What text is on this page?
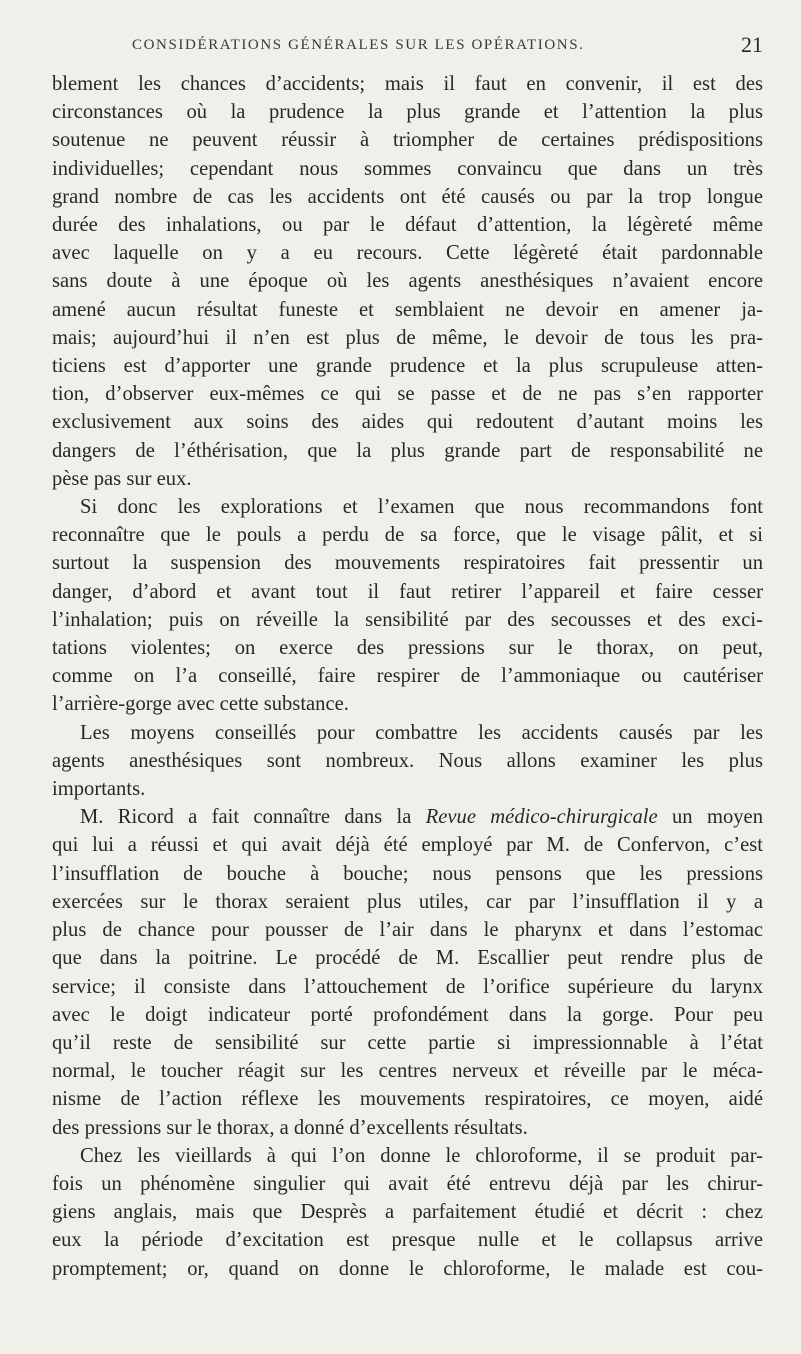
CONSIDÉRATIONS GÉNÉRALES SUR LES OPÉRATIONS.	21
blement les chances d’accidents; mais il faut en convenir, il est des
circonstances où la prudence la plus grande et l’attention la plus
soutenue ne peuvent réussir à triompher de certaines prédispositions
individuelles; cependant nous sommes convaincu que dans un très
grand nombre de cas les accidents ont été causés ou par la trop longue
durée des inhalations, ou par le défaut d’attention, la légèreté même
avec laquelle on y a eu recours. Cette légèreté était pardonnable
sans doute à une époque où les agents anesthésiques n’avaient encore
amené aucun résultat funeste et semblaient ne devoir en amener ja-
mais; aujourd’hui il n’en est plus de même, le devoir de tous les pra-
ticiens est d’apporter une grande prudence et la plus scrupuleuse atten-
tion, d’observer eux-mêmes ce qui se passe et de ne pas s’en rapporter
exclusivement aux soins des aides qui redoutent d’autant moins les
dangers de l’éthérisation, que la plus grande part de responsabilité ne
pèse pas sur eux.
Si donc les explorations et l’examen que nous recommandons font
reconnaître que le pouls a perdu de sa force, que le visage pâlit, et si
surtout la suspension des mouvements respiratoires fait pressentir un
danger, d’abord et avant tout il faut retirer l’appareil et faire cesser
l’inhalation; puis on réveille la sensibilité par des secousses et des exci-
tations violentes; on exerce des pressions sur le thorax, on peut,
comme on l’a conseillé, faire respirer de l’ammoniaque ou cautériser
l’arrière-gorge avec cette substance.
Les moyens conseillés pour combattre les accidents causés par les
agents anesthésiques sont nombreux. Nous allons examiner les plus
importants.
M. Ricord a fait connaître dans la Revue médico-chirurgicale un moyen
qui lui a réussi et qui avait déjà été employé par M. de Confervon, c’est
l’insufflation de bouche à bouche; nous pensons que les pressions
exercées sur le thorax seraient plus utiles, car par l’insufflation il y a
plus de chance pour pousser de l’air dans le pharynx et dans l’estomac
que dans la poitrine. Le procédé de M. Escallier peut rendre plus de
service; il consiste dans l’attouchement de l’orifice supérieure du larynx
avec le doigt indicateur porté profondément dans la gorge. Pour peu
qu’il reste de sensibilité sur cette partie si impressionnable à l’état
normal, le toucher réagit sur les centres nerveux et réveille par le méca-
nisme de l’action réflexe les mouvements respiratoires, ce moyen, aidé
des pressions sur le thorax, a donné d’excellents résultats.
Chez les vieillards à qui l’on donne le chloroforme, il se produit par-
fois un phénomène singulier qui avait été entrevu déjà par les chirur-
giens anglais, mais que Desprès a parfaitement étudié et décrit : chez
eux la période d’excitation est presque nulle et le collapsus arrive
promptement; or, quand on donne le chloroforme, le malade est cou-
